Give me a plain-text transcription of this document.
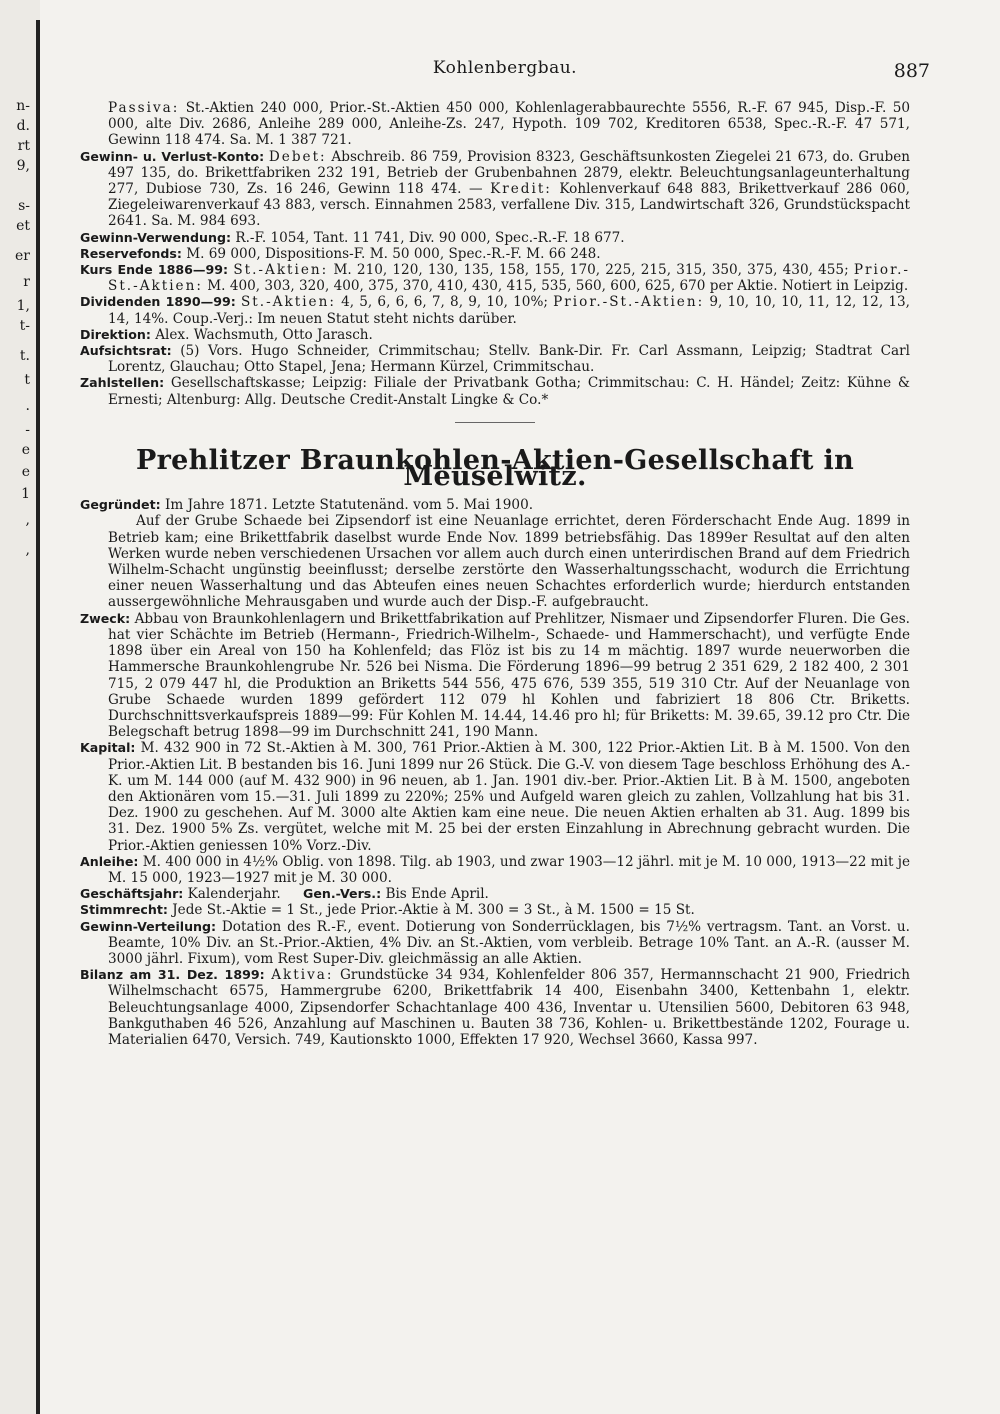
n-
d.
rt
9,
s-
et
er
r
1,
t-
t.
t
.
-
e
e
1
,
,
Kohlenbergbau.	887

Passiva: St.-Aktien 240 000, Prior.-St.-Aktien 450 000, Kohlenlagerabbaurechte 5556, R.-F. 67 945, Disp.-F. 50 000, alte Div. 2686, Anleihe 289 000, Anleihe-Zs. 247, Hypoth. 109 702, Kreditoren 6538, Spec.-R.-F. 47 571, Gewinn 118 474. Sa. M. 1 387 721.

Gewinn- u. Verlust-Konto: Debet: Abschreib. 86 759, Provision 8323, Geschäftsunkosten Ziegelei 21 673, do. Gruben 497 135, do. Brikettfabriken 232 191, Betrieb der Grubenbahnen 2879, elektr. Beleuchtungsanlageunterhaltung 277, Dubiose 730, Zs. 16 246, Gewinn 118 474. — Kredit: Kohlenverkauf 648 883, Brikettverkauf 286 060, Ziegeleiwarenverkauf 43 883, versch. Einnahmen 2583, verfallene Div. 315, Landwirtschaft 326, Grundstückspacht 2641. Sa. M. 984 693.

Gewinn-Verwendung: R.-F. 1054, Tant. 11 741, Div. 90 000, Spec.-R.-F. 18 677.

Reservefonds: M. 69 000, Dispositions-F. M. 50 000, Spec.-R.-F. M. 66 248.

Kurs Ende 1886—99: St.-Aktien: M. 210, 120, 130, 135, 158, 155, 170, 225, 215, 315, 350, 375, 430, 455; Prior.-St.-Aktien: M. 400, 303, 320, 400, 375, 370, 410, 430, 415, 535, 560, 600, 625, 670 per Aktie. Notiert in Leipzig.

Dividenden 1890—99: St.-Aktien: 4, 5, 6, 6, 6, 7, 8, 9, 10, 10%; Prior.-St.-Aktien: 9, 10, 10, 10, 11, 12, 12, 13, 14, 14%. Coup.-Verj.: Im neuen Statut steht nichts darüber.

Direktion: Alex. Wachsmuth, Otto Jarasch.

Aufsichtsrat: (5) Vors. Hugo Schneider, Crimmitschau; Stellv. Bank-Dir. Fr. Carl Assmann, Leipzig; Stadtrat Carl Lorentz, Glauchau; Otto Stapel, Jena; Hermann Kürzel, Crimmitschau.

Zahlstellen: Gesellschaftskasse; Leipzig: Filiale der Privatbank Gotha; Crimmitschau: C. H. Händel; Zeitz: Kühne & Ernesti; Altenburg: Allg. Deutsche Credit-Anstalt Lingke & Co.*

Prehlitzer Braunkohlen-Aktien-Gesellschaft in Meuselwitz.

Gegründet: Im Jahre 1871. Letzte Statutenänd. vom 5. Mai 1900.

Auf der Grube Schaede bei Zipsendorf ist eine Neuanlage errichtet, deren Förderschacht Ende Aug. 1899 in Betrieb kam; eine Brikettfabrik daselbst wurde Ende Nov. 1899 betriebsfähig. Das 1899er Resultat auf den alten Werken wurde neben verschiedenen Ursachen vor allem auch durch einen unterirdischen Brand auf dem Friedrich Wilhelm-Schacht ungünstig beeinflusst; derselbe zerstörte den Wasserhaltungsschacht, wodurch die Errichtung einer neuen Wasserhaltung und das Abteufen eines neuen Schachtes erforderlich wurde; hierdurch entstanden aussergewöhnliche Mehrausgaben und wurde auch der Disp.-F. aufgebraucht.

Zweck: Abbau von Braunkohlenlagern und Brikettfabrikation auf Prehlitzer, Nismaer und Zipsendorfer Fluren. Die Ges. hat vier Schächte im Betrieb (Hermann-, Friedrich-Wilhelm-, Schaede- und Hammerschacht), und verfügte Ende 1898 über ein Areal von 150 ha Kohlenfeld; das Flöz ist bis zu 14 m mächtig. 1897 wurde neuerworben die Hammersche Braunkohlengrube Nr. 526 bei Nisma. Die Förderung 1896—99 betrug 2 351 629, 2 182 400, 2 301 715, 2 079 447 hl, die Produktion an Briketts 544 556, 475 676, 539 355, 519 310 Ctr. Auf der Neuanlage von Grube Schaede wurden 1899 gefördert 112 079 hl Kohlen und fabriziert 18 806 Ctr. Briketts. Durchschnittsverkaufspreis 1889—99: Für Kohlen M. 14.44, 14.46 pro hl; für Briketts: M. 39.65, 39.12 pro Ctr. Die Belegschaft betrug 1898—99 im Durchschnitt 241, 190 Mann.

Kapital: M. 432 900 in 72 St.-Aktien à M. 300, 761 Prior.-Aktien à M. 300, 122 Prior.-Aktien Lit. B à M. 1500. Von den Prior.-Aktien Lit. B bestanden bis 16. Juni 1899 nur 26 Stück. Die G.-V. von diesem Tage beschloss Erhöhung des A.-K. um M. 144 000 (auf M. 432 900) in 96 neuen, ab 1. Jan. 1901 div.-ber. Prior.-Aktien Lit. B à M. 1500, angeboten den Aktionären vom 15.—31. Juli 1899 zu 220%; 25% und Aufgeld waren gleich zu zahlen, Vollzahlung hat bis 31. Dez. 1900 zu geschehen. Auf M. 3000 alte Aktien kam eine neue. Die neuen Aktien erhalten ab 31. Aug. 1899 bis 31. Dez. 1900 5% Zs. vergütet, welche mit M. 25 bei der ersten Einzahlung in Abrechnung gebracht wurden. Die Prior.-Aktien geniessen 10% Vorz.-Div.

Anleihe: M. 400 000 in 4½% Oblig. von 1898. Tilg. ab 1903, und zwar 1903—12 jährl. mit je M. 10 000, 1913—22 mit je M. 15 000, 1923—1927 mit je M. 30 000.

Geschäftsjahr: Kalenderjahr. Gen.-Vers.: Bis Ende April.

Stimmrecht: Jede St.-Aktie = 1 St., jede Prior.-Aktie à M. 300 = 3 St., à M. 1500 = 15 St.

Gewinn-Verteilung: Dotation des R.-F., event. Dotierung von Sonderrücklagen, bis 7½% vertragsm. Tant. an Vorst. u. Beamte, 10% Div. an St.-Prior.-Aktien, 4% Div. an St.-Aktien, vom verbleib. Betrage 10% Tant. an A.-R. (ausser M. 3000 jährl. Fixum), vom Rest Super-Div. gleichmässig an alle Aktien.

Bilanz am 31. Dez. 1899: Aktiva: Grundstücke 34 934, Kohlenfelder 806 357, Hermannschacht 21 900, Friedrich Wilhelmschacht 6575, Hammergrube 6200, Brikettfabrik 14 400, Eisenbahn 3400, Kettenbahn 1, elektr. Beleuchtungsanlage 4000, Zipsendorfer Schachtanlage 400 436, Inventar u. Utensilien 5600, Debitoren 63 948, Bankguthaben 46 526, Anzahlung auf Maschinen u. Bauten 38 736, Kohlen- u. Brikettbestände 1202, Fourage u. Materialien 6470, Versich. 749, Kautionskto 1000, Effekten 17 920, Wechsel 3660, Kassa 997.
